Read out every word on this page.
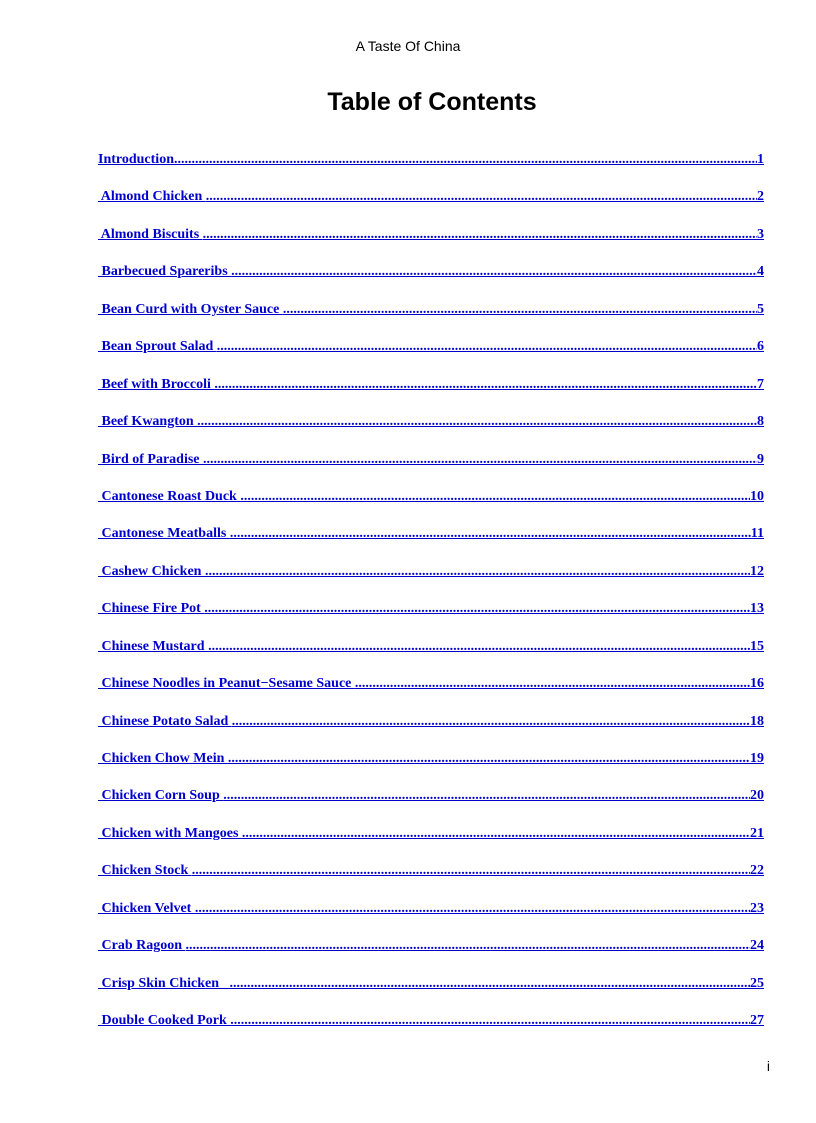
A Taste Of China
Table of Contents
Introduction .....	1
Almond Chicken .....	2
Almond Biscuits .....	3
Barbecued Spareribs .....	4
Bean Curd with Oyster Sauce .....	5
Bean Sprout Salad .....	6
Beef with Broccoli .....	7
Beef Kwangton .....	8
Bird of Paradise .....	9
Cantonese Roast Duck .....	10
Cantonese Meatballs .....	11
Cashew Chicken .....	12
Chinese Fire Pot .....	13
Chinese Mustard .....	15
Chinese Noodles in Peanut−Sesame Sauce .....	16
Chinese Potato Salad .....	18
Chicken Chow Mein .....	19
Chicken Corn Soup .....	20
Chicken with Mangoes .....	21
Chicken Stock .....	22
Chicken Velvet .....	23
Crab Ragoon .....	24
Crisp Skin Chicken .....	25
Double Cooked Pork .....	27
i
